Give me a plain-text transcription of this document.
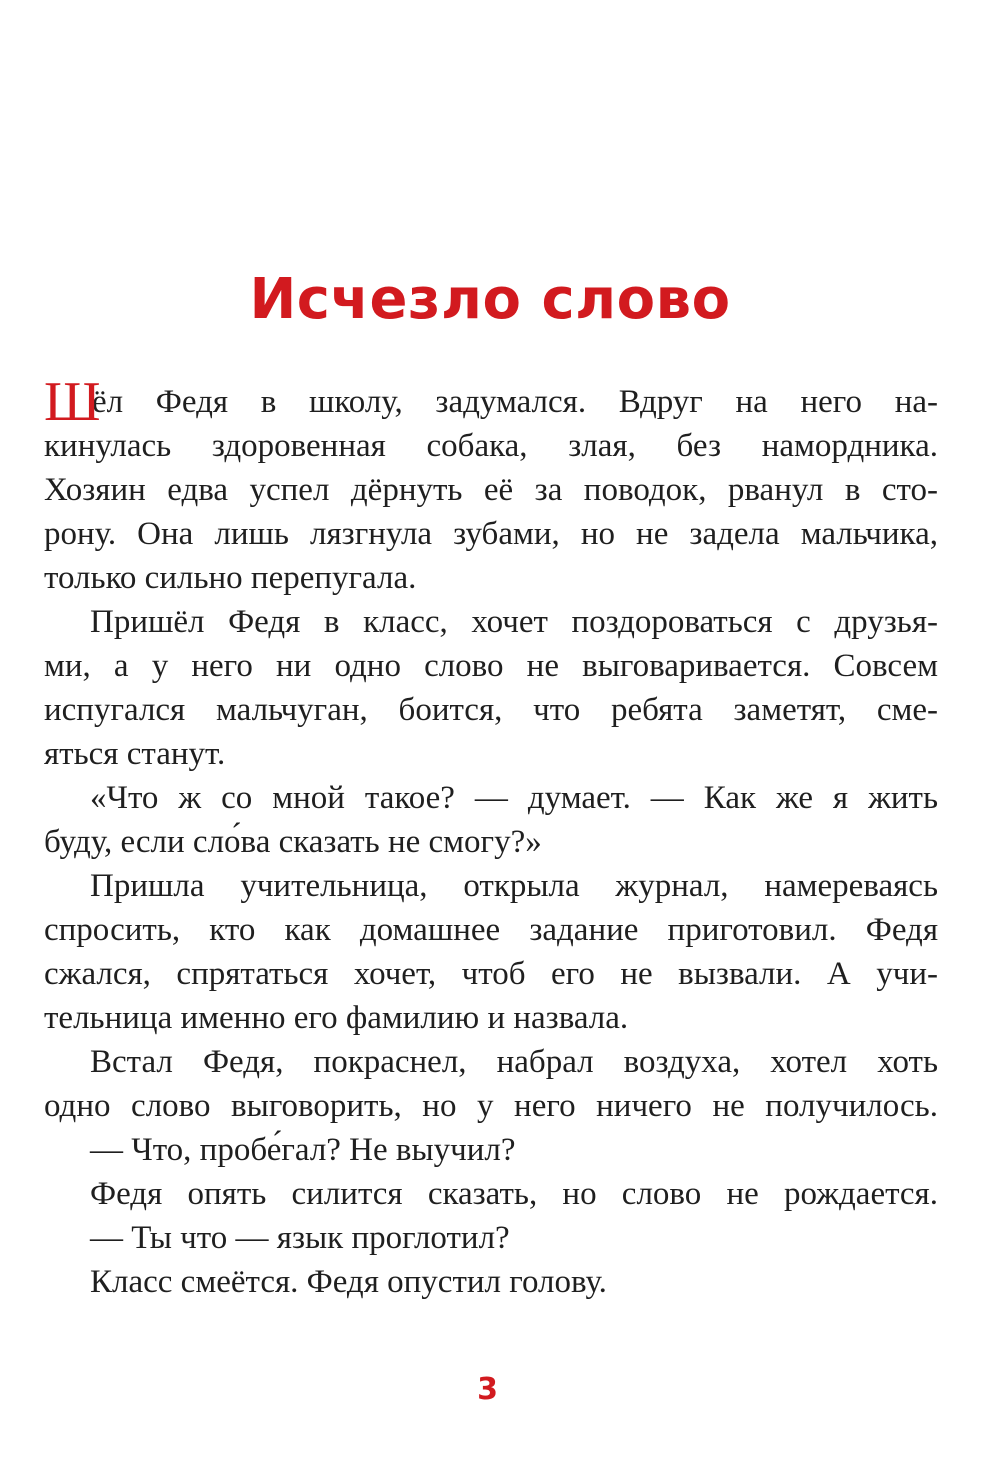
Исчезло слово
Ш
ёл Федя в школу, задумался. Вдруг на него на-
кинулась здоровенная собака, злая, без намордника.
Хозяин едва успел дёрнуть её за поводок, рванул в сто-
рону. Она лишь лязгнула зубами, но не задела мальчика,
только сильно перепугала.
Пришёл Федя в класс, хочет поздороваться с друзья-
ми, а у него ни одно слово не выговаривается. Совсем
испугался мальчуган, боится, что ребята заметят, сме-
яться станут.
«Что ж со мной такое? — думает. — Как же я жить
буду, если сло́ва сказать не смогу?»
Пришла учительница, открыла журнал, намереваясь
спросить, кто как домашнее задание приготовил. Федя
сжался, спрятаться хочет, чтоб его не вызвали. А учи-
тельница именно его фамилию и назвала.
Встал Федя, покраснел, набрал воздуха, хотел хоть
одно слово выговорить, но у него ничего не получилось.
— Что, пробе́гал? Не выучил?
Федя опять силится сказать, но слово не рождается.
— Ты что — язык проглотил?
Класс смеётся. Федя опустил голову.
3
